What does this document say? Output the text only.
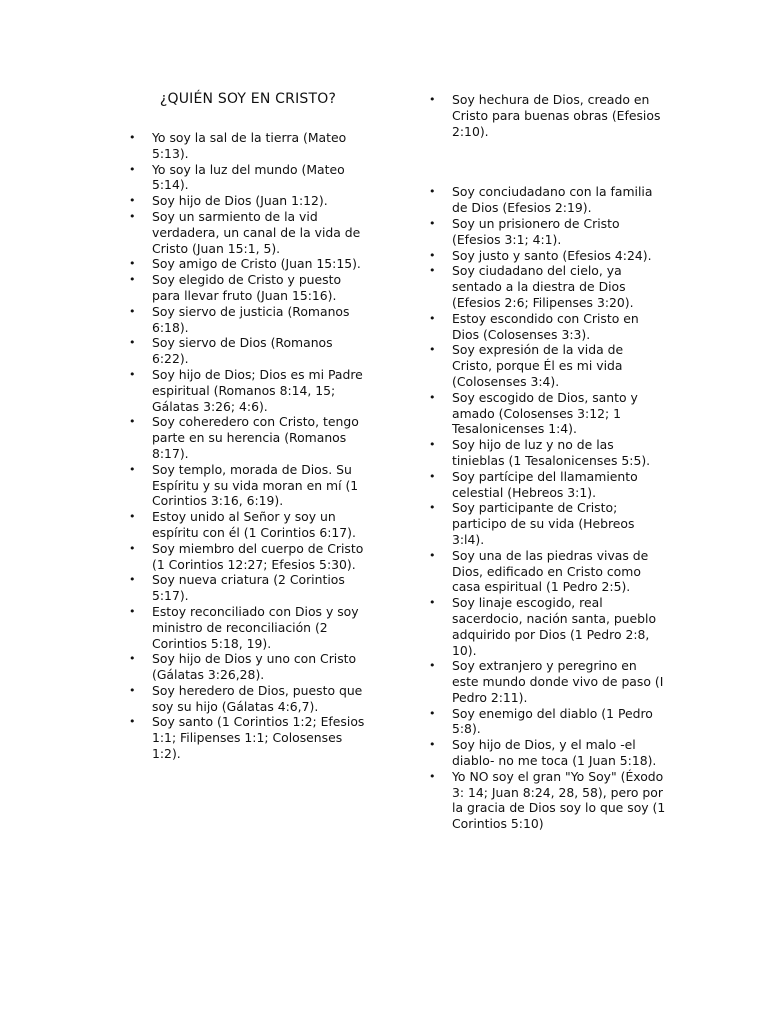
¿QUIÉN SOY EN CRISTO?
• Yo soy la sal de la tierra (Mateo 5:13).
• Yo soy la luz del mundo (Mateo 5:14).
• Soy hijo de Dios (Juan 1:12).
• Soy un sarmiento de la vid verdadera, un canal de la vida de Cristo (Juan 15:1, 5).
• Soy amigo de Cristo (Juan 15:15).
• Soy elegido de Cristo y puesto para llevar fruto (Juan 15:16).
• Soy siervo de justicia (Romanos 6:18).
• Soy siervo de Dios (Romanos 6:22).
• Soy hijo de Dios; Dios es mi Padre espiritual (Romanos 8:14, 15; Gálatas 3:26; 4:6).
• Soy coheredero con Cristo, tengo parte en su herencia (Romanos 8:17).
• Soy templo, morada de Dios. Su Espíritu y su vida moran en mí (1 Corintios 3:16, 6:19).
• Estoy unido al Señor y soy un espíritu con él (1 Corintios 6:17).
• Soy miembro del cuerpo de Cristo (1 Corintios 12:27; Efesios 5:30).
• Soy nueva criatura (2 Corintios 5:17).
• Estoy reconciliado con Dios y soy ministro de reconciliación (2 Corintios 5:18, 19).
• Soy hijo de Dios y uno con Cristo (Gálatas 3:26,28).
• Soy heredero de Dios, puesto que soy su hijo (Gálatas 4:6,7).
• Soy santo (1 Corintios 1:2; Efesios 1:1; Filipenses 1:1; Colosenses 1:2).
• Soy hechura de Dios, creado en Cristo para buenas obras (Efesios 2:10).
• Soy conciudadano con la familia de Dios (Efesios 2:19).
• Soy un prisionero de Cristo (Efesios 3:1; 4:1).
• Soy justo y santo (Efesios 4:24).
• Soy ciudadano del cielo, ya sentado a la diestra de Dios (Efesios 2:6; Filipenses 3:20).
• Estoy escondido con Cristo en Dios (Colosenses 3:3).
• Soy expresión de la vida de Cristo, porque Él es mi vida (Colosenses 3:4).
• Soy escogido de Dios, santo y amado (Colosenses 3:12; 1 Tesalonicenses 1:4).
• Soy hijo de luz y no de las tinieblas (1 Tesalonicenses 5:5).
• Soy partícipe del llamamiento celestial (Hebreos 3:1).
• Soy participante de Cristo; participo de su vida (Hebreos 3:l4).
• Soy una de las piedras vivas de Dios, edificado en Cristo como casa espiritual (1 Pedro 2:5).
• Soy linaje escogido, real sacerdocio, nación santa, pueblo adquirido por Dios (1 Pedro 2:8, 10).
• Soy extranjero y peregrino en este mundo donde vivo de paso (I Pedro 2:11).
• Soy enemigo del diablo (1 Pedro 5:8).
• Soy hijo de Dios, y el malo -el diablo- no me toca (1 Juan 5:18).
• Yo NO soy el gran "Yo Soy" (Éxodo 3: 14; Juan 8:24, 28, 58), pero por la gracia de Dios soy lo que soy (1 Corintios 5:10)
